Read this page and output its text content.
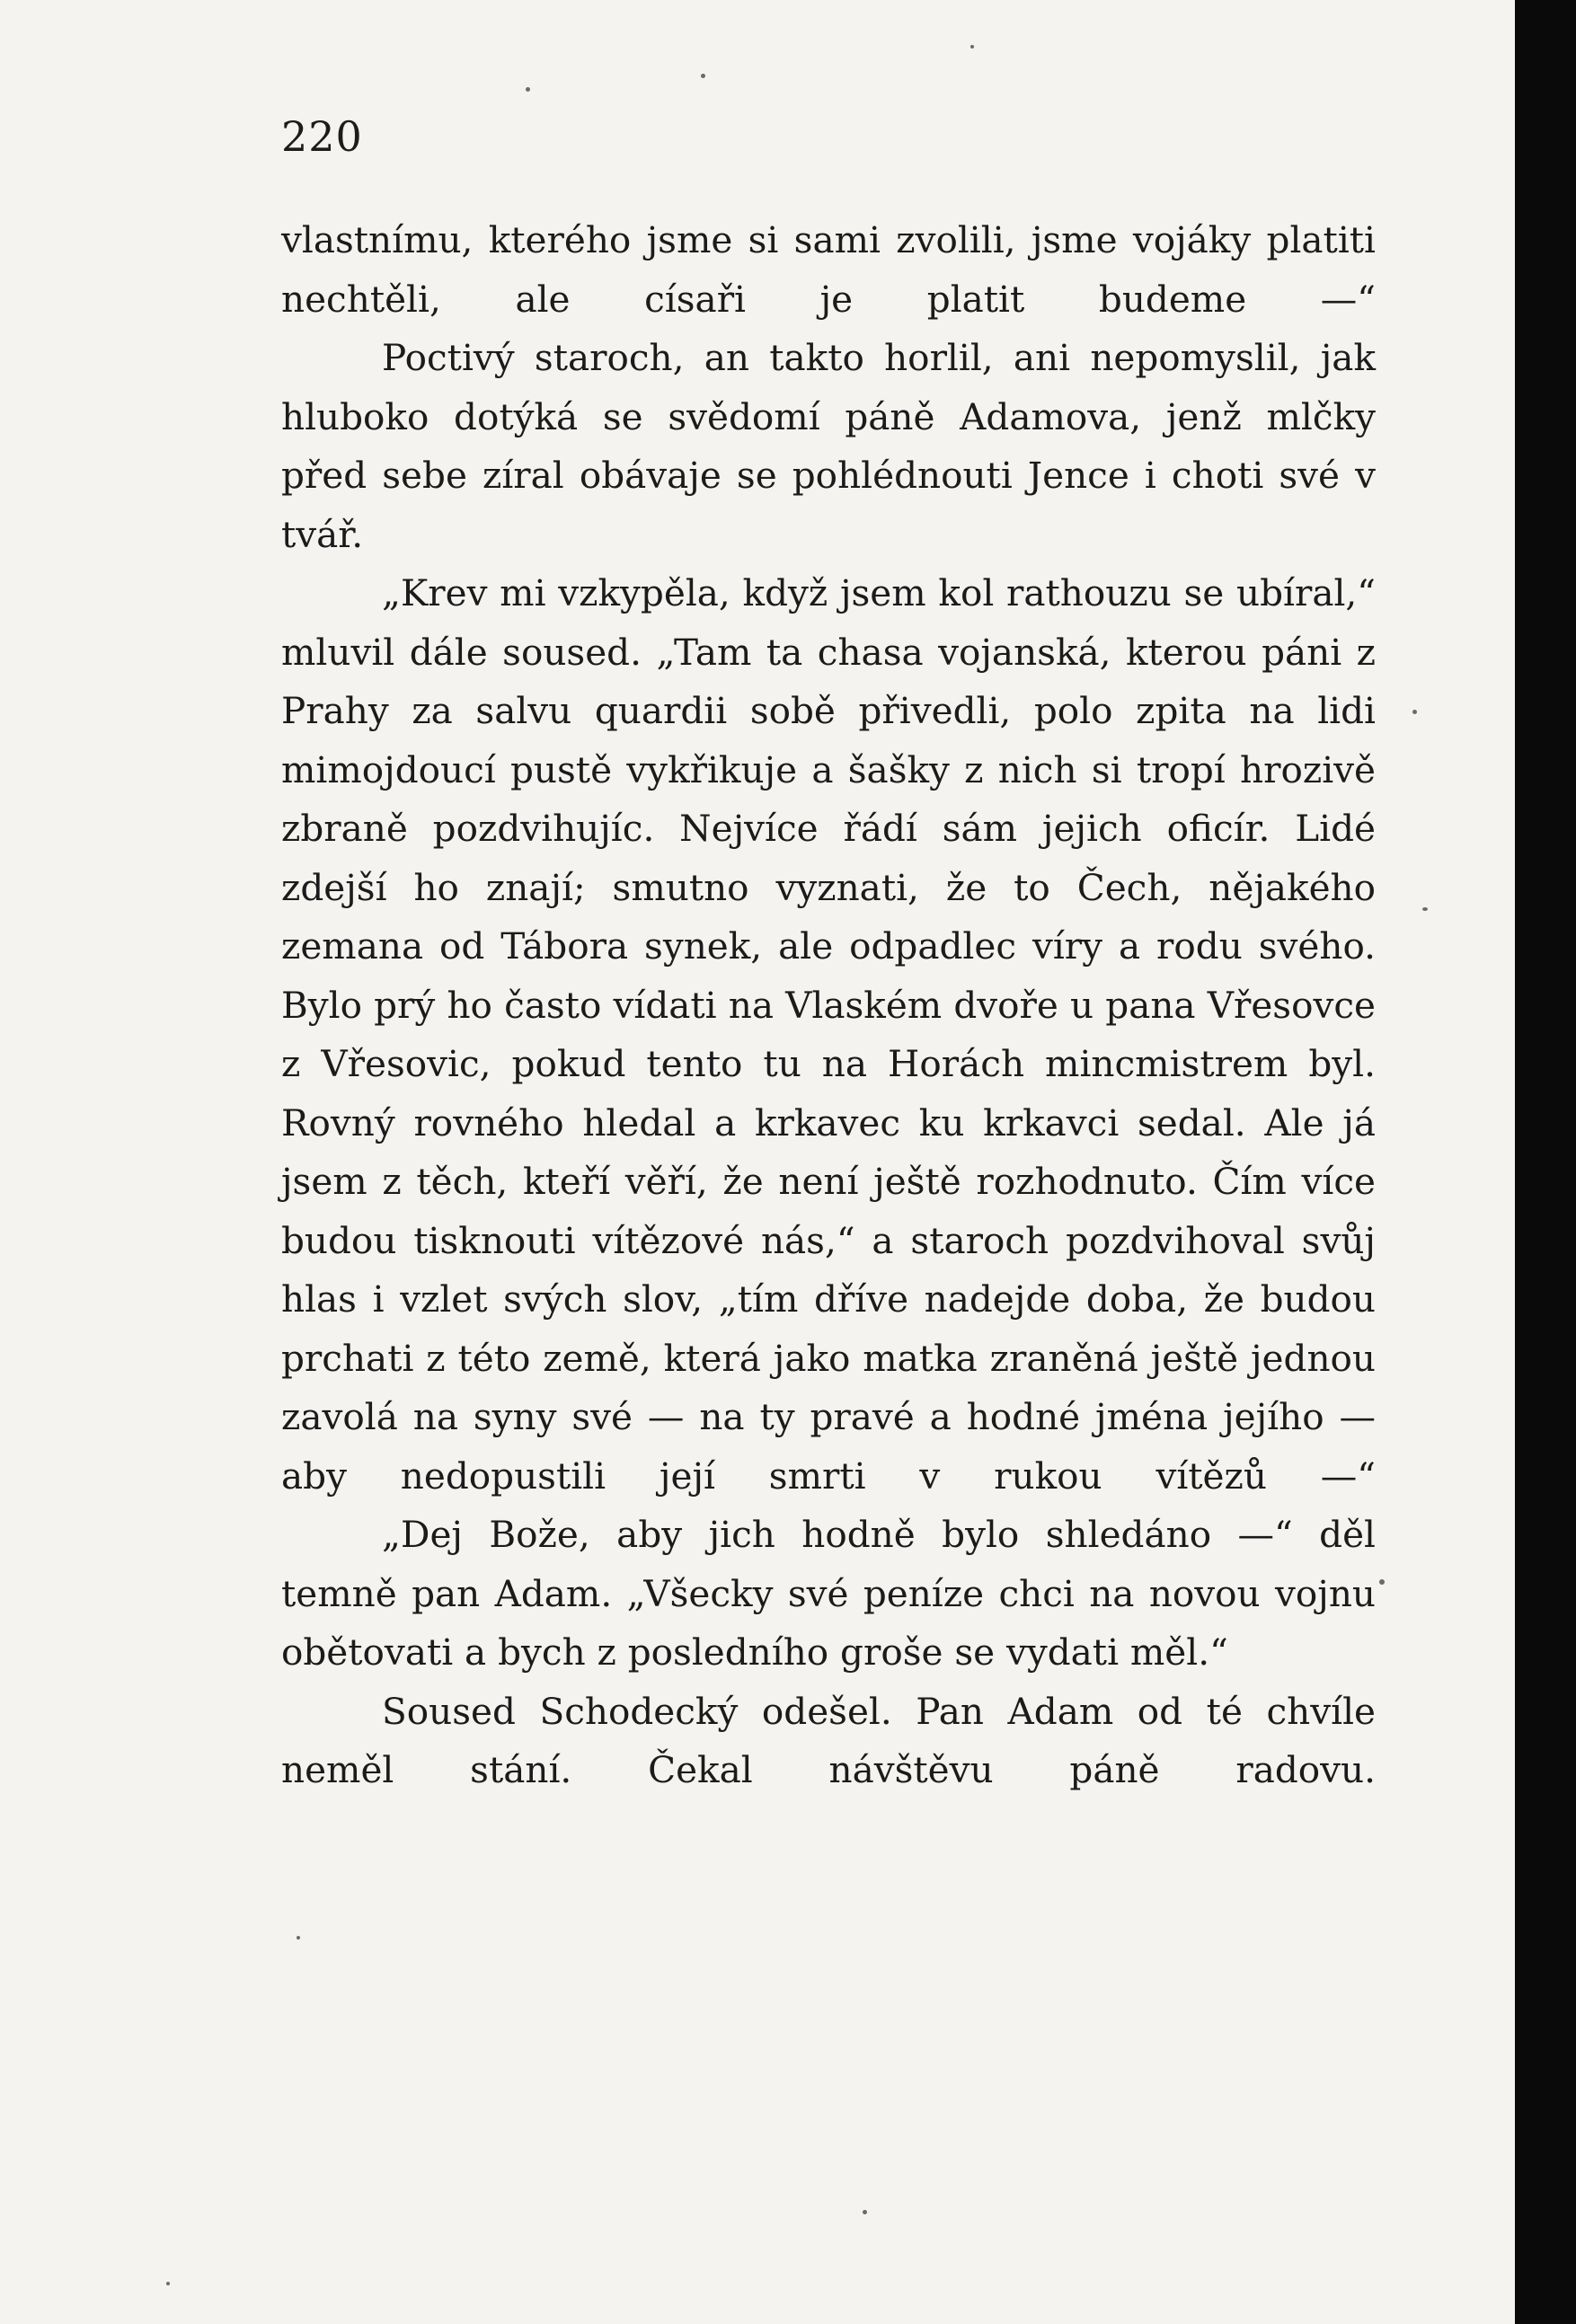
220

vlastnímu, kterého jsme si sami zvolili, jsme vojáky platiti nechtěli, ale císaři je platit budeme —“

Poctivý staroch, an takto horlil, ani nepomyslil, jak hluboko dotýká se svědomí páně Adamova, jenž mlčky před sebe zíral obávaje se pohlédnouti Jence i choti své v tvář.

„Krev mi vzkypěla, když jsem kol rathouzu se ubíral,“ mluvil dále soused. „Tam ta chasa vojanská, kterou páni z Prahy za salvu quardii sobě přivedli, polo zpita na lidi mimojdoucí pustě vykřikuje a šašky z nich si tropí hrozivě zbraně pozdvihujíc. Nejvíce řádí sám jejich oficír. Lidé zdejší ho znají; smutno vyznati, že to Čech, nějakého zemana od Tábora synek, ale odpadlec víry a rodu svého. Bylo prý ho často vídati na Vlaském dvoře u pana Vřesovce z Vřesovic, pokud tento tu na Horách mincmistrem byl. Rovný rovného hledal a krkavec ku krkavci sedal. Ale já jsem z těch, kteří věří, že není ještě rozhodnuto. Čím více budou tisknouti vítězové nás,“ a staroch pozdvihoval svůj hlas i vzlet svých slov, „tím dříve nadejde doba, že budou prchati z této země, která jako matka zraněná ještě jednou zavolá na syny své — na ty pravé a hodné jména jejího — aby nedopustili její smrti v rukou vítězů —“

„Dej Bože, aby jich hodně bylo shledáno —“ děl temně pan Adam. „Všecky své peníze chci na novou vojnu obětovati a bych z posledního groše se vydati měl.“

Soused Schodecký odešel. Pan Adam od té chvíle neměl stání. Čekal návštěvu páně radovu.
